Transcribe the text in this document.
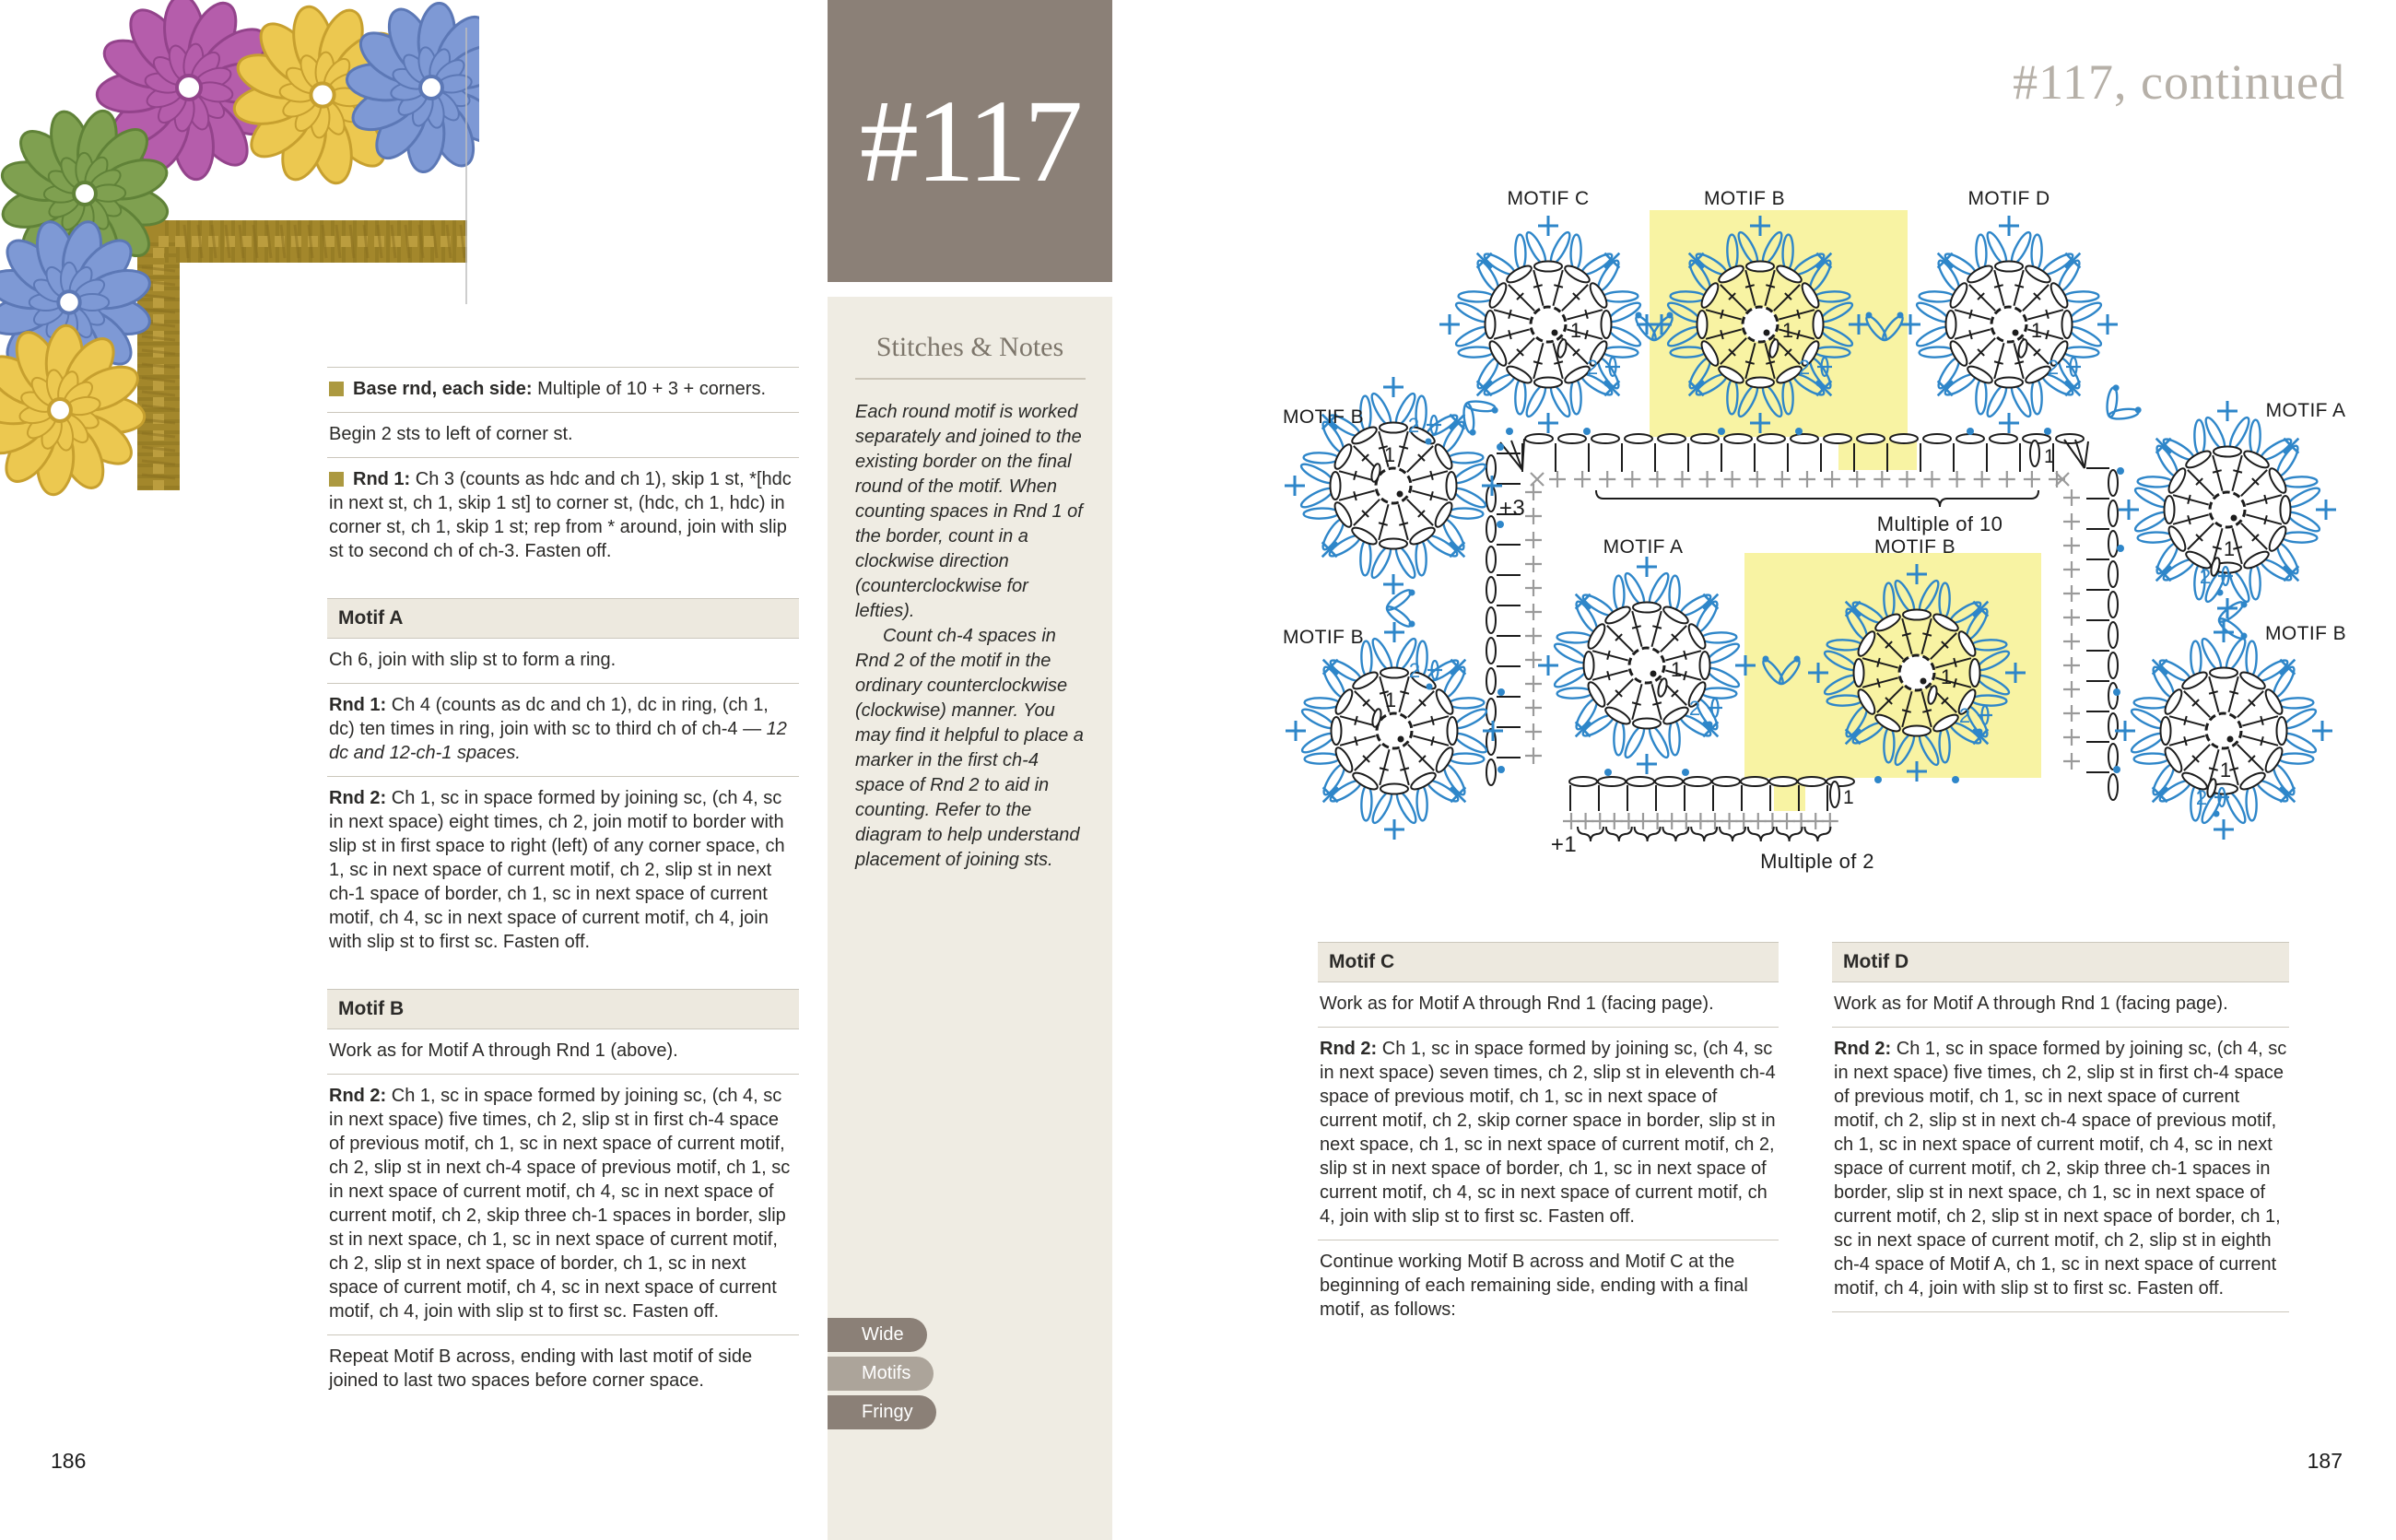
Base rnd, each side: Multiple of 10 + 3 + corners.
Begin 2 sts to left of corner st.
Rnd 1: Ch 3 (counts as hdc and ch 1), skip 1 st, *[hdc in next st, ch 1, skip 1 st] to corner st, (hdc, ch 1, hdc) in corner st, ch 1, skip 1 st; rep from * around, join with slip st to second ch of ch-3. Fasten off.
Motif A
Ch 6, join with slip st to form a ring.
Rnd 1: Ch 4 (counts as dc and ch 1), dc in ring, (ch 1, dc) ten times in ring, join with sc to third ch of ch-4 — 12 dc and 12-ch-1 spaces.
Rnd 2: Ch 1, sc in space formed by joining sc, (ch 4, sc in next space) eight times, ch 2, join motif to border with slip st in first space to right (left) of any corner space, ch 1, sc in next space of current motif, ch 2, slip st in next ch-1 space of border, ch 1, sc in next space of current motif, ch 4, sc in next space of current motif, ch 4, join with slip st to first sc. Fasten off.
Motif B
Work as for Motif A through Rnd 1 (above).
Rnd 2: Ch 1, sc in space formed by joining sc, (ch 4, sc in next space) five times, ch 2, slip st in first ch-4 space of previous motif, ch 1, sc in next space of current motif, ch 2, slip st in next ch-4 space of previous motif, ch 1, sc in next space of current motif, ch 4, sc in next space of current motif, ch 2, skip three ch-1 spaces in border, slip st in next space, ch 1, sc in next space of current motif, ch 2, slip st in next space of border, ch 1, sc in next space of current motif, ch 4, sc in next space of current motif, ch 4, join with slip st to first sc. Fasten off.
Repeat Motif B across, ending with last motif of side joined to last two spaces before corner space.
#117
Stitches & Notes

Each round motif is worked separately and joined to the existing border on the final round of the motif. When counting spaces in Rnd 1 of the border, count in a clockwise direction (counterclockwise for lefties).

Count ch-4 spaces in Rnd 2 of the motif in the ordinary counterclockwise (clockwise) manner. You may find it helpful to place a marker in the first ch-4 space of Rnd 2 to aid in counting. Refer to the diagram to help understand placement of joining sts.

Wide
Motifs
Fringy
#117, continued
1
2
1
2
1
2
1
2
1
2
1
2
1
2
1
2
1
2
MOTIF C	MOTIF B	MOTIF D
MOTIF B
MOTIF B
MOTIF A
MOTIF B
MOTIF A	MOTIF B
+3
Multiple of 10
+1
Multiple of 2
1
1
Motif C
Work as for Motif A through Rnd 1 (facing page).
Rnd 2: Ch 1, sc in space formed by joining sc, (ch 4, sc in next space) seven times, ch 2, slip st in eleventh ch-4 space of previous motif, ch 1, sc in next space of current motif, ch 2, skip corner space in border, slip st in next space, ch 1, sc in next space of current motif, ch 2, slip st in next space of border, ch 1, sc in next space of current motif, ch 4, sc in next space of current motif, ch 4, join with slip st to first sc. Fasten off.
Continue working Motif B across and Motif C at the beginning of each remaining side, ending with a final motif, as follows:
Motif D
Work as for Motif A through Rnd 1 (facing page).
Rnd 2: Ch 1, sc in space formed by joining sc, (ch 4, sc in next space) five times, ch 2, slip st in first ch-4 space of previous motif, ch 1, sc in next space of current motif, ch 2, slip st in next ch-4 space of previous motif, ch 1, sc in next space of current motif, ch 4, sc in next space of current motif, ch 2, skip three ch-1 spaces in border, slip st in next space, ch 1, sc in next space of current motif, ch 2, slip st in next space of border, ch 1, sc in next space of current motif, ch 2, slip st in eighth ch-4 space of Motif A, ch 1, sc in next space of current motif, ch 4, join with slip st to first sc. Fasten off.
186	187
